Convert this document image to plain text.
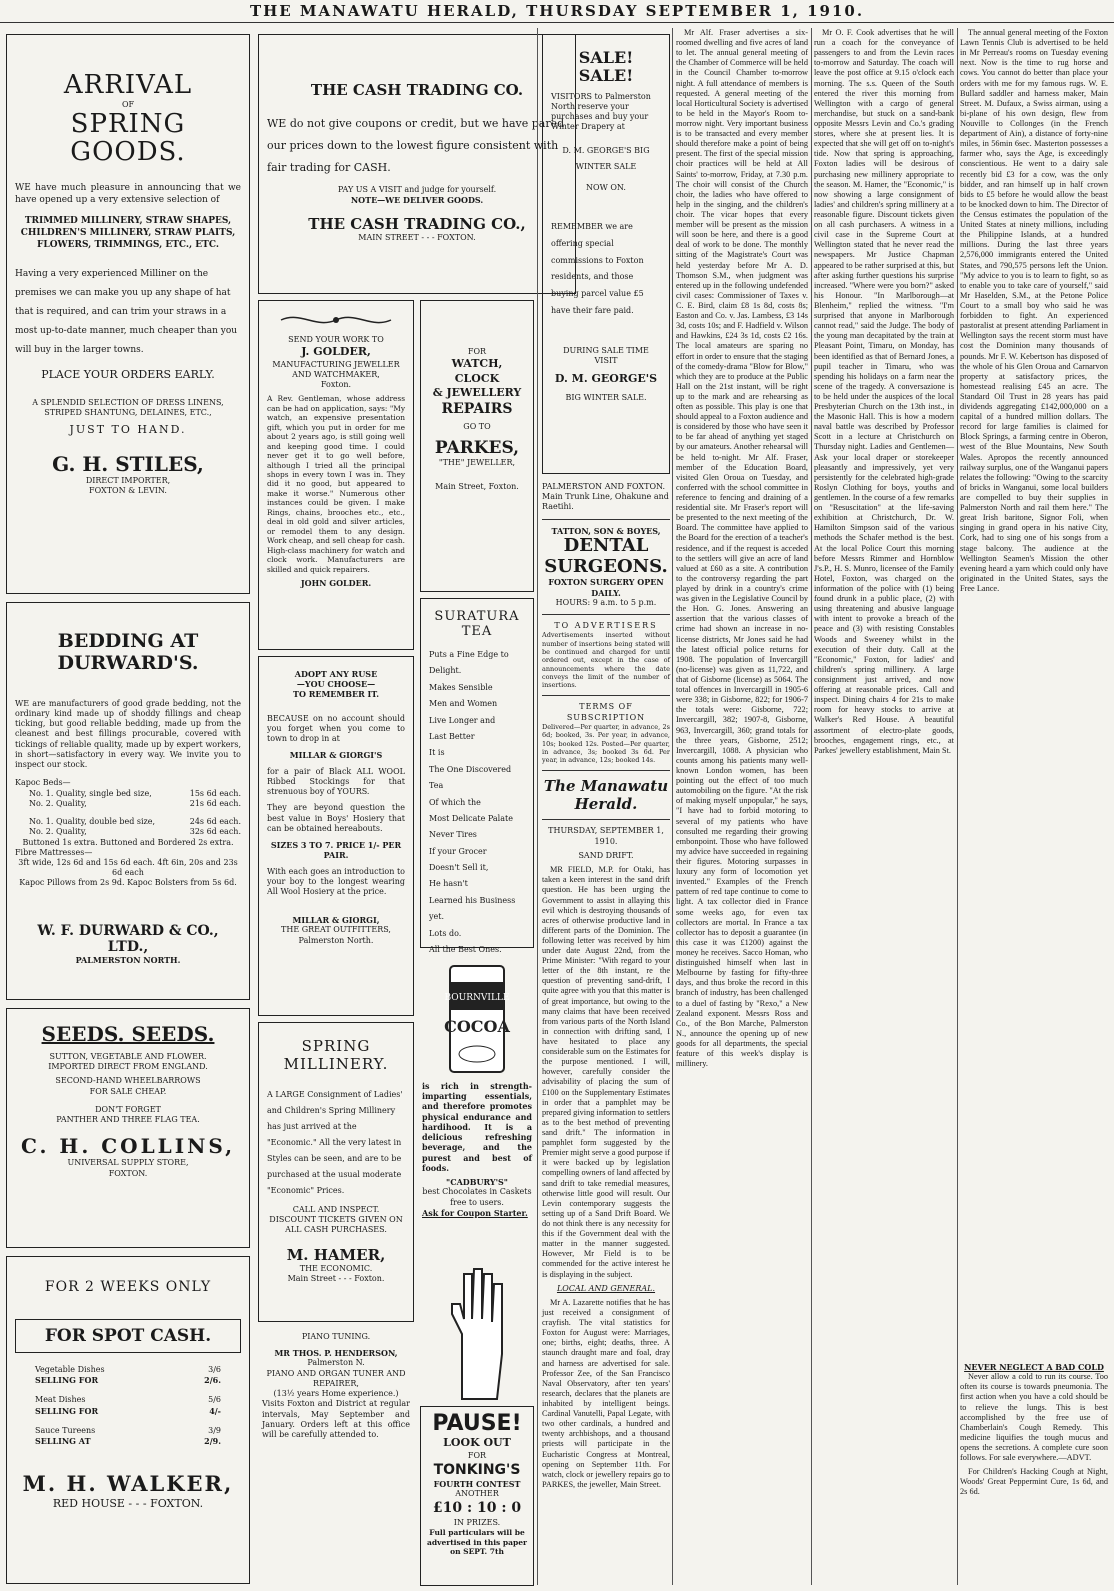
THE MANAWATU HERALD, THURSDAY SEPTEMBER 1, 1910.
ARRIVAL
OF
SPRING GOODS.
WE have much pleasure in announcing that we have opened up a very extensive selection of
TRIMMED MILLINERY, STRAW SHAPES, CHILDREN'S MILLINERY, STRAW PLAITS, FLOWERS, TRIMMINGS, ETC., ETC.
Having a very experienced Milliner on the premises we can make you up any shape of hat that is required, and can trim your straws in a most up-to-date manner, much cheaper than you will buy in the larger towns.
PLACE YOUR ORDERS EARLY.
A SPLENDID SELECTION OF DRESS LINENS, STRIPED SHANTUNG, DELAINES, ETC.,
JUST TO HAND.
G. H. STILES,
DIRECT IMPORTER,
FOXTON & LEVIN.
BEDDING AT DURWARD'S.
WE are manufacturers of good grade bedding, not the ordinary kind made up of shoddy fillings and cheap ticking, but good reliable bedding, made up from the cleanest and best fillings procurable, covered with tickings of reliable quality, made up by expert workers, in short—satisfactory in every way. We invite you to inspect our stock.
Kapoc Beds—
No. 1. Quality, single bed size,	15s 6d each.
No. 2. Quality,	21s 6d each.
No. 1. Quality, double bed size,	24s 6d each.
No. 2. Quality,	32s 6d each.
Buttoned 1s extra. Buttoned and Bordered 2s extra.
Fibre Mattresses—
3ft wide, 12s 6d and 15s 6d each. 4ft 6in, 20s and 23s 6d each
Kapoc Pillows from 2s 9d. Kapoc Bolsters from 5s 6d.
W. F. DURWARD & CO., LTD.,
PALMERSTON NORTH.
SEEDS. SEEDS.
SUTTON, VEGETABLE AND FLOWER.
IMPORTED DIRECT FROM ENGLAND.
SECOND-HAND WHEELBARROWS
FOR SALE CHEAP.
DON'T FORGET
PANTHER AND THREE FLAG TEA.
C. H. COLLINS,
UNIVERSAL SUPPLY STORE,
FOXTON.
FOR 2 WEEKS ONLY
FOR SPOT CASH.
Vegetable Dishes	3/6
SELLING FOR	2/6.
Meat Dishes	5/6
SELLING FOR	4/-
Sauce Tureens	3/9
SELLING AT	2/9.
M. H. WALKER,
RED HOUSE - - - FOXTON.
THE CASH TRADING CO.
WE do not give coupons or credit, but we have pared our prices down to the lowest figure consistent with fair trading for CASH.
PAY US A VISIT and judge for yourself.
NOTE—WE DELIVER GOODS.
THE CASH TRADING CO.,
MAIN STREET - - - FOXTON.
SEND YOUR WORK TO
J. GOLDER,
MANUFACTURING JEWELLER AND WATCHMAKER,
Foxton.
A Rev. Gentleman, whose address can be had on application, says: "My watch, an expensive presentation gift, which you put in order for me about 2 years ago, is still going well and keeping good time. I could never get it to go well before, although I tried all the principal shops in every town I was in. They did it no good, but appeared to make it worse." Numerous other instances could be given. I make Rings, chains, brooches etc., etc., deal in old gold and silver articles, or remodel them to any design. Work cheap, and sell cheap for cash. High-class machinery for watch and clock work. Manufacturers are skilled and quick repairers.
JOHN GOLDER.
ADOPT ANY RUSE
—YOU CHOOSE—
TO REMEMBER IT.
BECAUSE on no account should you forget when you come to town to drop in at
MILLAR & GIORGI'S
for a pair of Black ALL WOOL Ribbed Stockings for that strenuous boy of YOURS.
They are beyond question the best value in Boys' Hosiery that can be obtained hereabouts.
SIZES 3 TO 7. PRICE 1/- PER PAIR.
With each goes an introduction to your boy to the longest wearing All Wool Hosiery at the price.
MILLAR & GIORGI,
THE GREAT OUTFITTERS,
Palmerston North.
SPRING MILLINERY.
A LARGE Consignment of Ladies' and Children's Spring Millinery has just arrived at the "Economic." All the very latest in Styles can be seen, and are to be purchased at the usual moderate "Economic" Prices.
CALL AND INSPECT.
DISCOUNT TICKETS GIVEN ON ALL CASH PURCHASES.
M. HAMER,
THE ECONOMIC.
Main Street - - - Foxton.
PIANO TUNING.
MR THOS. P. HENDERSON,
Palmerston N.
PIANO AND ORGAN TUNER AND REPAIRER,
(13½ years Home experience.)
Visits Foxton and District at regular intervals, May September and January. Orders left at this office will be carefully attended to.
FOR
WATCH, CLOCK
& JEWELLERY
REPAIRS
GO TO
PARKES,
"THE" JEWELLER,
Main Street, Foxton.
SURATURA TEA
Puts a Fine Edge to Delight.
Makes Sensible
Men and Women
Live Longer and
Last Better
It is
The One Discovered Tea
Of which the
Most Delicate Palate
Never Tires
If your Grocer
Doesn't Sell it,
He hasn't
Learned his Business yet.
Lots do.
All the Best Ones.
BOURNVILLE
COCOA
is rich in strength-imparting essentials, and therefore promotes physical endurance and hardihood. It is a delicious refreshing beverage, and the purest and best of foods.
"CADBURY'S"
best Chocolates in Caskets free to users.
Ask for Coupon Starter.
PAUSE!
LOOK OUT
FOR
TONKING'S
FOURTH CONTEST
ANOTHER
£10 : 10 : 0
IN PRIZES.
Full particulars will be advertised in this paper on SEPT. 7th
SALE! SALE!
VISITORS to Palmerston North reserve your purchases and buy your Winter Drapery at
D. M. GEORGE'S BIG WINTER SALE
NOW ON.
REMEMBER we are offering special commissions to Foxton residents, and those buying parcel value £5 have their fare paid.
DURING SALE TIME VISIT
D. M. GEORGE'S
BIG WINTER SALE.
PALMERSTON AND FOXTON.
Main Trunk Line, Ohakune and Raetihi.
TATTON, SON & BOYES,
DENTAL
SURGEONS.
FOXTON SURGERY OPEN DAILY.
HOURS: 9 a.m. to 5 p.m.
TO ADVERTISERS
Advertisements inserted without number of insertions being stated will be continued and charged for until ordered out, except in the case of announcements where the date conveys the limit of the number of insertions.
TERMS OF SUBSCRIPTION
Delivered—Per quarter, in advance, 2s 6d; booked, 3s. Per year, in advance, 10s; booked 12s. Posted—Per quarter, in advance, 3s; booked 3s 6d. Per year, in advance, 12s; booked 14s.
The Manawatu Herald.
THURSDAY, SEPTEMBER 1, 1910.
SAND DRIFT.

MR FIELD, M.P. for Otaki, has taken a keen interest in the sand drift question. He has been urging the Government to assist in allaying this evil which is destroying thousands of acres of otherwise productive land in different parts of the Dominion. The following letter was received by him under date August 22nd, from the Prime Minister: "With regard to your letter of the 8th instant, re the question of preventing sand-drift, I quite agree with you that this matter is of great importance, but owing to the many claims that have been received from various parts of the North Island in connection with drifting sand, I have hesitated to place any considerable sum on the Estimates for the purpose mentioned. I will, however, carefully consider the advisability of placing the sum of £100 on the Supplementary Estimates in order that a pamphlet may be prepared giving information to settlers as to the best method of preventing sand drift." The information in pamphlet form suggested by the Premier might serve a good purpose if it were backed up by legislation compelling owners of land affected by sand drift to take remedial measures, otherwise little good will result. Our Levin contemporary suggests the setting up of a Sand Drift Board. We do not think there is any necessity for this if the Government deal with the matter in the manner suggested. However, Mr Field is to be commended for the active interest he is displaying in the subject.

LOCAL AND GENERAL.

Mr A. Lazarette notifies that he has just received a consignment of crayfish. The vital statistics for Foxton for August were: Marriages, one; births, eight; deaths, three. A staunch draught mare and foal, dray and harness are advertised for sale. Professor Zee, of the San Francisco Naval Observatory, after ten years' research, declares that the planets are inhabited by intelligent beings. Cardinal Vanutelli, Papal Legate, with two other cardinals, a hundred and twenty archbishops, and a thousand priests will participate in the Eucharistic Congress at Montreal, opening on September 11th. For watch, clock or jewellery repairs go to PARKES, the jeweller, Main Street.

Mr Alf. Fraser advertises a six-roomed dwelling and five acres of land to let. The annual general meeting of the Chamber of Commerce will be held in the Council Chamber to-morrow night. A full attendance of members is requested. A general meeting of the local Horticultural Society is advertised to be held in the Mayor's Room to-morrow night. Very important business is to be transacted and every member should therefore make a point of being present. The first of the special mission choir practices will be held at All Saints' to-morrow, Friday, at 7.30 p.m. The choir will consist of the Church choir, the ladies who have offered to help in the singing, and the children's choir. The vicar hopes that every member will be present as the mission will soon be here, and there is a good deal of work to be done. The monthly sitting of the Magistrate's Court was held yesterday before Mr A. D. Thomson S.M., when judgment was entered up in the following undefended civil cases: Commissioner of Taxes v. C. E. Bird, claim £8 1s 8d, costs 8s; Easton and Co. v. Jas. Lambess, £3 14s 3d, costs 10s; and F. Hadfield v. Wilson and Hawkins, £24 3s 1d, costs £2 16s. The local amateurs are sparing no effort in order to ensure that the staging of the comedy-drama "Blow for Blow," which they are to produce at the Public Hall on the 21st instant, will be right up to the mark and are rehearsing as often as possible. This play is one that should appeal to a Foxton audience and is considered by those who have seen it to be far ahead of anything yet staged by our amateurs. Another rehearsal will be held to-night. Mr Alf. Fraser, member of the Education Board, visited Glen Oroua on Tuesday, and conferred with the school committee in reference to fencing and draining of a residential site. Mr Fraser's report will be presented to the next meeting of the Board. The committee have applied to the Board for the erection of a teacher's residence, and if the request is acceded to the settlers will give an acre of land valued at £60 as a site. A contribution to the controversy regarding the part played by drink in a country's crime was given in the Legislative Council by the Hon. G. Jones. Answering an assertion that the various classes of crime had shown an increase in no-license districts, Mr Jones said he had the latest official police returns for 1908. The population of Invercargill (no-license) was given as 11,722, and that of Gisborne (license) as 5064. The total offences in Invercargill in 1905-6 were 338; in Gisborne, 822; for 1906-7 the totals were: Gisborne, 722; Invercargill, 382; 1907-8, Gisborne, 963, Invercargill, 360; grand totals for the three years, Gisborne, 2512; Invercargill, 1088. A physician who counts among his patients many well-known London women, has been pointing out the effect of too much automobiling on the figure. "At the risk of making myself unpopular," he says, "I have had to forbid motoring to several of my patients who have consulted me regarding their growing embonpoint. Those who have followed my advice have succeeded in regaining their figures. Motoring surpasses in luxury any form of locomotion yet invented." Examples of the French pattern of red tape continue to come to light. A tax collector died in France some weeks ago, for even tax collectors are mortal. In France a tax collector has to deposit a guarantee (in this case it was £1200) against the money he receives. Sacco Homan, who distinguished himself when last in Melbourne by fasting for fifty-three days, and thus broke the record in this branch of industry, has been challenged to a duel of fasting by "Rexo," a New Zealand exponent. Messrs Ross and Co., of the Bon Marche, Palmerston N., announce the opening up of new goods for all departments, the special feature of this week's display is millinery.

Mr O. F. Cook advertises that he will run a coach for the conveyance of passengers to and from the Levin races to-morrow and Saturday. The coach will leave the post office at 9.15 o'clock each morning. The s.s. Queen of the South entered the river this morning from Wellington with a cargo of general merchandise, but stuck on a sand-bank opposite Messrs Levin and Co.'s grading stores, where she at present lies. It is expected that she will get off on to-night's tide. Now that spring is approaching, Foxton ladies will be desirous of purchasing new millinery appropriate to the season. M. Hamer, the "Economic," is now showing a large consignment of ladies' and children's spring millinery at a reasonable figure. Discount tickets given on all cash purchasers. A witness in a civil case in the Supreme Court at Wellington stated that he never read the newspapers. Mr Justice Chapman appeared to be rather surprised at this, but after asking further questions his surprise increased. "Where were you born?" asked his Honour. "In Marlborough—at Blenheim," replied the witness. "I'm surprised that anyone in Marlborough cannot read," said the Judge. The body of the young man decapitated by the train at Pleasant Point, Timaru, on Monday, has been identified as that of Bernard Jones, a pupil teacher in Timaru, who was spending his holidays on a farm near the scene of the tragedy. A conversazione is to be held under the auspices of the local Presbyterian Church on the 13th inst., in the Masonic Hall. This is how a modern naval battle was described by Professor Scott in a lecture at Christchurch on Thursday night. Ladies and Gentlemen—Ask your local draper or storekeeper pleasantly and impressively, yet very persistently for the celebrated high-grade Roslyn Clothing for boys, youths and gentlemen. In the course of a few remarks on "Resuscitation" at the life-saving exhibition at Christchurch, Dr. W. Hamilton Simpson said of the various methods the Schafer method is the best. At the local Police Court this morning before Messrs Rimmer and Hornblow J's.P., H. S. Munro, licensee of the Family Hotel, Foxton, was charged on the information of the police with (1) being found drunk in a public place, (2) with using threatening and abusive language with intent to provoke a breach of the peace and (3) with resisting Constables Woods and Sweeney whilst in the execution of their duty. Call at the "Economic," Foxton, for ladies' and children's spring millinery. A large consignment just arrived, and now offering at reasonable prices. Call and inspect. Dining chairs 4 for 21s to make room for heavy stocks to arrive at Walker's Red House. A beautiful assortment of electro-plate goods, brooches, engagement rings, etc., at Parkes' jewellery establishment, Main St.

The annual general meeting of the Foxton Lawn Tennis Club is advertised to be held in Mr Perreau's rooms on Tuesday evening next. Now is the time to rug horse and cows. You cannot do better than place your orders with me for my famous rugs. W. E. Bullard saddler and harness maker, Main Street. M. Dufaux, a Swiss airman, using a bi-plane of his own design, flew from Nouville to Collonges (in the French department of Ain), a distance of forty-nine miles, in 56min 6sec. Masterton possesses a farmer who, says the Age, is exceedingly conscientious. He went to a dairy sale recently bid £3 for a cow, was the only bidder, and ran himself up in half crown bids to £5 before he would allow the beast to be knocked down to him. The Director of the Census estimates the population of the United States at ninety millions, including the Philippine Islands, at a hundred millions. During the last three years 2,576,000 immigrants entered the United States, and 790,575 persons left the Union. "My advice to you is to learn to fight, so as to enable you to take care of yourself," said Mr Haselden, S.M., at the Petone Police Court to a small boy who said he was forbidden to fight. An experienced pastoralist at present attending Parliament in Wellington says the recent storm must have cost the Dominion many thousands of pounds. Mr F. W. Kebertson has disposed of the whole of his Glen Oroua and Carnarvon property at satisfactory prices, the homestead realising £45 an acre. The Standard Oil Trust in 28 years has paid dividends aggregating £142,000,000 on a capital of a hundred million dollars. The record for large families is claimed for Block Springs, a farming centre in Oberon, west of the Blue Mountains, New South Wales. Apropos the recently announced railway surplus, one of the Wanganui papers relates the following: "Owing to the scarcity of bricks in Wanganui, some local builders are compelled to buy their supplies in Palmerston North and rail them here." The great Irish baritone, Signor Foli, when singing in grand opera in his native City, Cork, had to sing one of his songs from a stage balcony. The audience at the Wellington Seamen's Mission the other evening heard a yarn which could only have originated in the United States, says the Free Lance.

NEVER NEGLECT A BAD COLD

Never allow a cold to run its course. Too often its course is towards pneumonia. The first action when you have a cold should be to relieve the lungs. This is best accomplished by the free use of Chamberlain's Cough Remedy. This medicine liquifies the tough mucus and opens the secretions. A complete cure soon follows. For sale everywhere.—ADVT.

For Children's Hacking Cough at Night, Woods' Great Peppermint Cure, 1s 6d, and 2s 6d.
